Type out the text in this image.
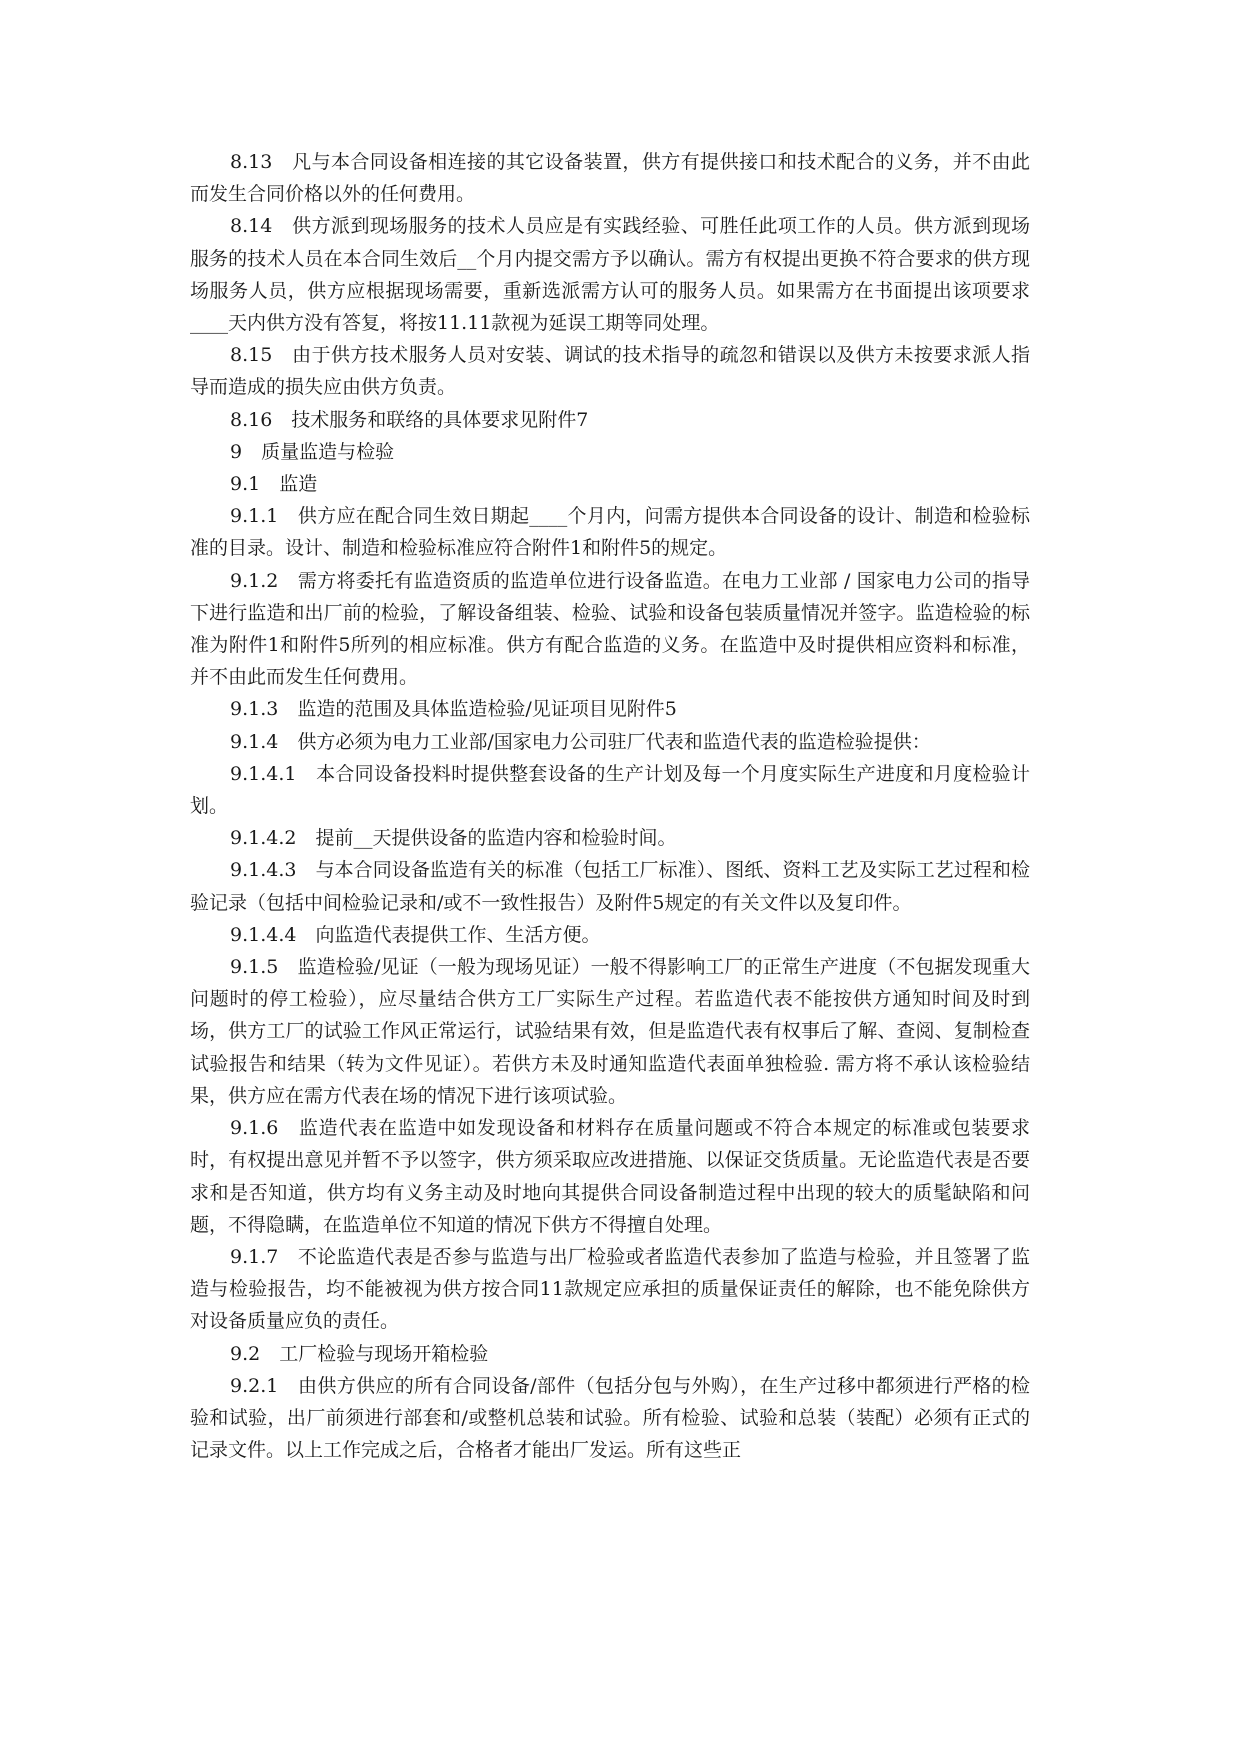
8.13　凡与本合同设备相连接的其它设备装置，供方有提供接口和技术配合的义务，并不由此而发生合同价格以外的任何费用。

8.14　供方派到现场服务的技术人员应是有实践经验、可胜任此项工作的人员。供方派到现场服务的技术人员在本合同生效后__个月内提交需方予以确认。需方有权提出更换不符合要求的供方现场服务人员，供方应根据现场需要，重新选派需方认可的服务人员。如果需方在书面提出该项要求____天内供方没有答复，将按11.11款视为延误工期等同处理。

8.15　由于供方技术服务人员对安装、调试的技术指导的疏忽和错误以及供方未按要求派人指导而造成的损失应由供方负责。

8.16　技术服务和联络的具体要求见附件7

9　质量监造与检验

9.1　监造

9.1.1　供方应在配合同生效日期起____个月内，问需方提供本合同设备的设计、制造和检验标准的目录。设计、制造和检验标准应符合附件1和附件5的规定。

9.1.2　需方将委托有监造资质的监造单位进行设备监造。在电力工业部 / 国家电力公司的指导下进行监造和出厂前的检验，了解设备组装、检验、试验和设备包装质量情况并签字。监造检验的标准为附件1和附件5所列的相应标准。供方有配合监造的义务。在监造中及时提供相应资料和标准，并不由此而发生任何费用。

9.1.3　监造的范围及具体监造检验/见证项目见附件5

9.1.4　供方必须为电力工业部/国家电力公司驻厂代表和监造代表的监造检验提供：

9.1.4.1　本合同设备投料时提供整套设备的生产计划及每一个月度实际生产进度和月度检验计划。

9.1.4.2　提前__天提供设备的监造内容和检验时间。

9.1.4.3　与本合同设备监造有关的标准（包括工厂标准）、图纸、资料工艺及实际工艺过程和检验记录（包括中间检验记录和/或不一致性报告）及附件5规定的有关文件以及复印件。

9.1.4.4　向监造代表提供工作、生活方便。

9.1.5　监造检验/见证（一般为现场见证）一般不得影响工厂的正常生产进度（不包据发现重大问题时的停工检验），应尽量结合供方工厂实际生产过程。若监造代表不能按供方通知时间及时到场，供方工厂的试验工作风正常运行，试验结果有效，但是监造代表有权事后了解、查阅、复制检查试验报告和结果（转为文件见证）。若供方未及时通知监造代表面单独检验. 需方将不承认该检验结果，供方应在需方代表在场的情况下进行该项试验。

9.1.6　监造代表在监造中如发现设备和材料存在质量问题或不符合本规定的标准或包装要求时，有权提出意见并暂不予以签字，供方须采取应改进措施、以保证交货质量。无论监造代表是否要求和是否知道，供方均有义务主动及时地向其提供合同设备制造过程中出现的较大的质髦缺陷和问题，不得隐瞒，在监造单位不知道的情况下供方不得擅自处理。

9.1.7　不论监造代表是否参与监造与出厂检验或者监造代表参加了监造与检验，并且签署了监造与检验报告，均不能被视为供方按合同11款规定应承担的质量保证责任的解除，也不能免除供方对设备质量应负的责任。

9.2　工厂检验与现场开箱检验

9.2.1　由供方供应的所有合同设备/部件（包括分包与外购），在生产过移中都须进行严格的检验和试验，出厂前须进行部套和/或整机总装和试验。所有检验、试验和总装（装配）必须有正式的记录文件。以上工作完成之后，合格者才能出厂发运。所有这些正
